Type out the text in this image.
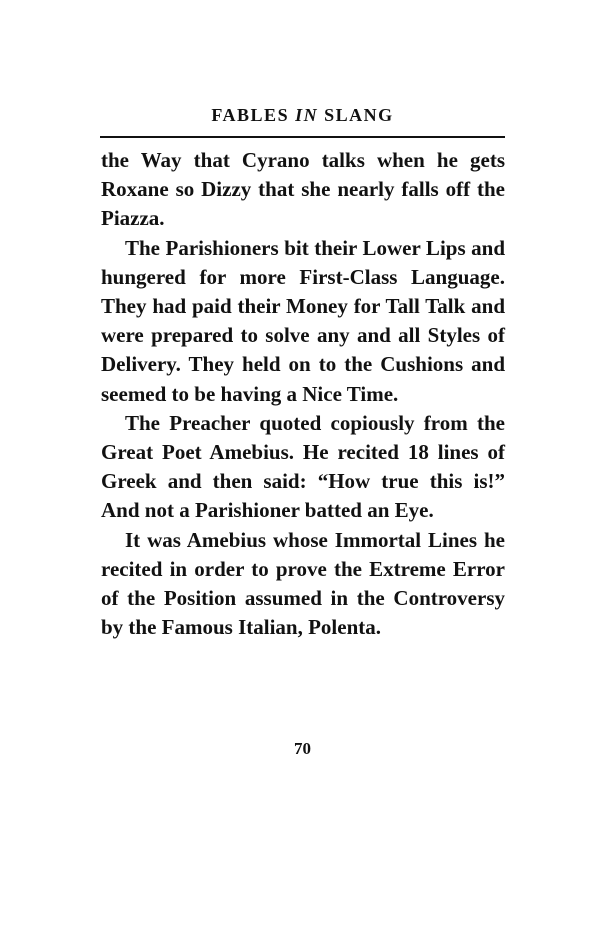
FABLES IN SLANG

the Way that Cyrano talks when he gets Roxane so Dizzy that she nearly falls off the Piazza.

The Parishioners bit their Lower Lips and hungered for more First-Class Language. They had paid their Money for Tall Talk and were prepared to solve any and all Styles of Delivery. They held on to the Cushions and seemed to be having a Nice Time.

The Preacher quoted copiously from the Great Poet Amebius. He recited 18 lines of Greek and then said: “How true this is!” And not a Parishioner batted an Eye.

It was Amebius whose Immortal Lines he recited in order to prove the Extreme Error of the Position assumed in the Controversy by the Famous Italian, Polenta.

70
